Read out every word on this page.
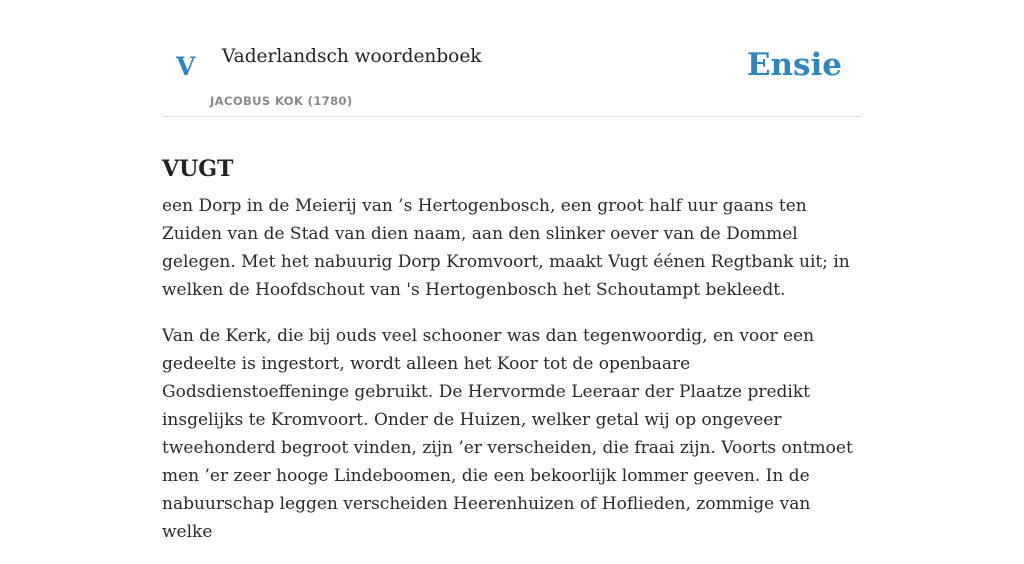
V Vaderlandsch woordenboek
JACOBUS KOK (1780)
Ensie
VUGT

een Dorp in de Meierij van ’s Hertogenbosch, een groot half uur gaans ten Zuiden van de Stad van dien naam, aan den slinker oever van de Dommel gelegen. Met het nabuurig Dorp Kromvoort, maakt Vugt éénen Regtbank uit; in welken de Hoofdschout van 's Hertogenbosch het Schoutampt bekleedt.

Van de Kerk, die bij ouds veel schooner was dan tegenwoordig, en voor een gedeelte is ingestort, wordt alleen het Koor tot de openbaare Godsdienstoeffeninge gebruikt. De Hervormde Leeraar der Plaatze predikt insgelijks te Kromvoort. Onder de Huizen, welker getal wij op ongeveer tweehonderd begroot vinden, zijn ’er verscheiden, die fraai zijn. Voorts ontmoet men ’er zeer hooge Lindeboomen, die een bekoorlijk lommer geeven. In de nabuurschap leggen verscheiden Heerenhuizen of Hoflieden, zommige van welke
